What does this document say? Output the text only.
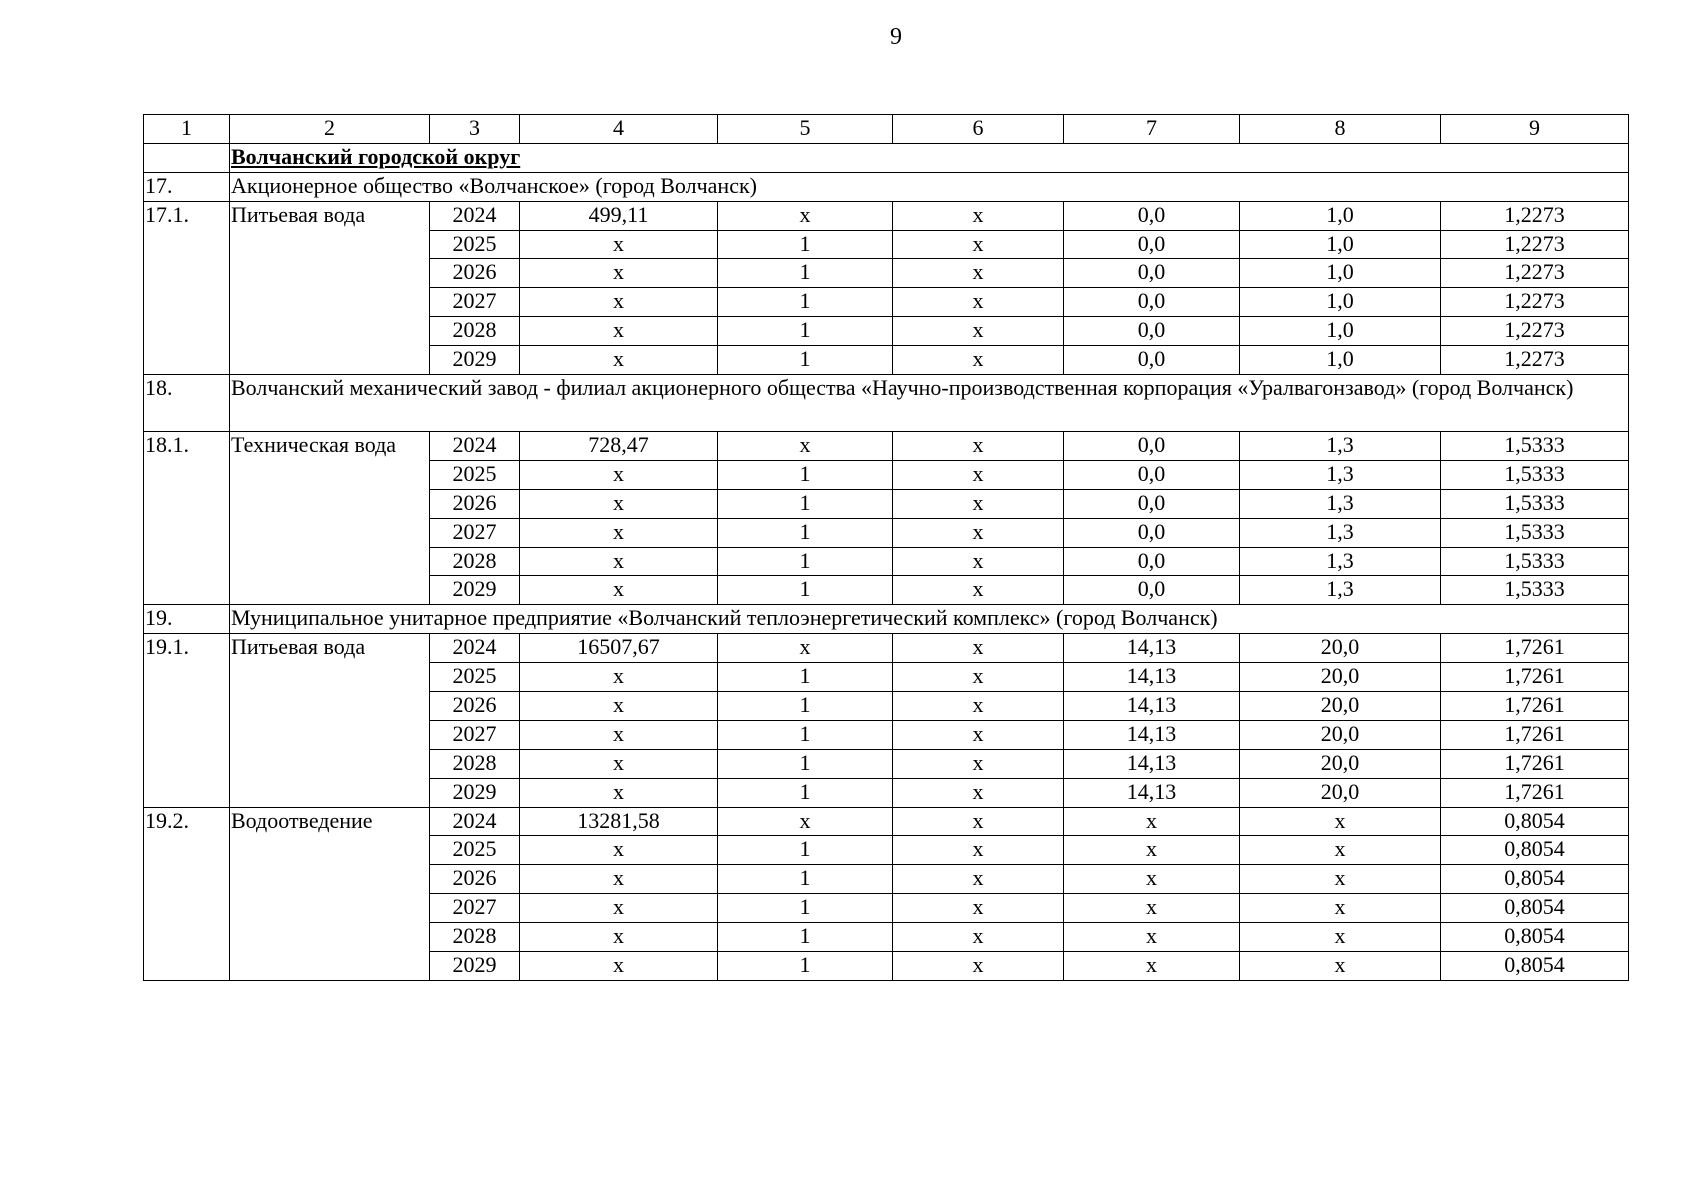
9
1	2	3	4	5	6	7	8	9
	Волчанский городской округ							
17.	Акционерное общество «Волчанское» (город Волчанск)							
17.1.	Питьевая вода	2024	499,11	х	х	0,0	1,0	1,2273
		2025	х	1	х	0,0	1,0	1,2273
		2026	х	1	х	0,0	1,0	1,2273
		2027	х	1	х	0,0	1,0	1,2273
		2028	х	1	х	0,0	1,0	1,2273
		2029	х	1	х	0,0	1,0	1,2273
18.	Волчанский механический завод - филиал акционерного общества «Научно-производственная корпорация «Уралвагонзавод» (город Волчанск)							
18.1.	Техническая вода	2024	728,47	х	х	0,0	1,3	1,5333
		2025	х	1	х	0,0	1,3	1,5333
		2026	х	1	х	0,0	1,3	1,5333
		2027	х	1	х	0,0	1,3	1,5333
		2028	х	1	х	0,0	1,3	1,5333
		2029	х	1	х	0,0	1,3	1,5333
19.	Муниципальное унитарное предприятие «Волчанский теплоэнергетический комплекс» (город Волчанск)							
19.1.	Питьевая вода	2024	16507,67	х	х	14,13	20,0	1,7261
		2025	х	1	х	14,13	20,0	1,7261
		2026	х	1	х	14,13	20,0	1,7261
		2027	х	1	х	14,13	20,0	1,7261
		2028	х	1	х	14,13	20,0	1,7261
		2029	х	1	х	14,13	20,0	1,7261
19.2.	Водоотведение	2024	13281,58	х	х	х	х	0,8054
		2025	х	1	х	х	х	0,8054
		2026	х	1	х	х	х	0,8054
		2027	х	1	х	х	х	0,8054
		2028	х	1	х	х	х	0,8054
		2029	х	1	х	х	х	0,8054
